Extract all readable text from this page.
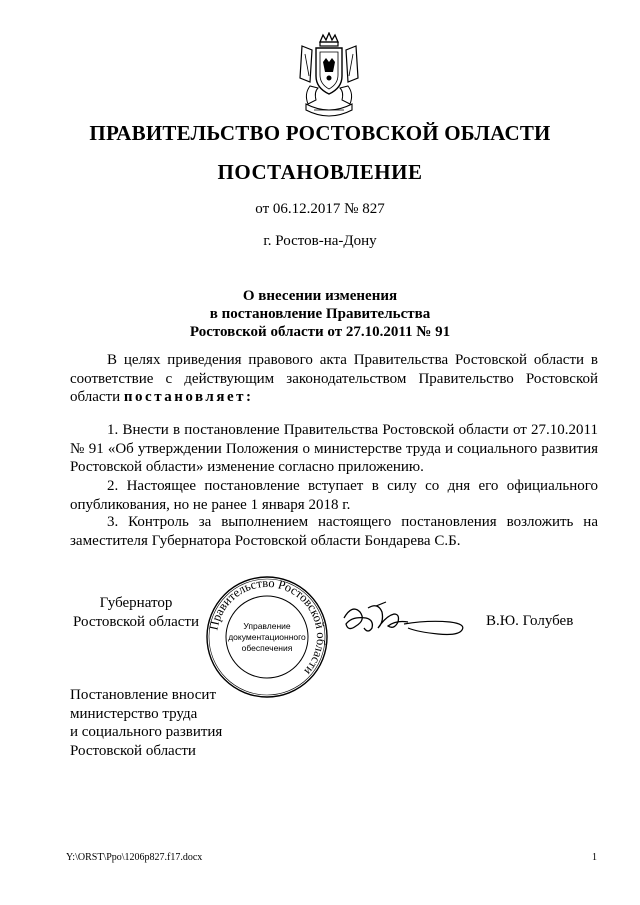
ПРАВИТЕЛЬСТВО РОСТОВСКОЙ ОБЛАСТИ
ПОСТАНОВЛЕНИЕ
от 06.12.2017 № 827
г. Ростов-на-Дону
О внесении изменения
в постановление Правительства
Ростовской области от 27.10.2011 № 91
В целях приведения правового акта Правительства Ростовской области в соответствие с действующим законодательством Правительство Ростовской области постановляет:
1. Внести в постановление Правительства Ростовской области от 27.10.2011 № 91 «Об утверждении Положения о министерстве труда и социального развития Ростовской области» изменение согласно приложению.
2. Настоящее постановление вступает в силу со дня его официального опубликования, но не ранее 1 января 2018 г.
3. Контроль за выполнением настоящего постановления возложить на заместителя Губернатора Ростовской области Бондарева С.Б.
Губернатор
Ростовской области Правительство Ростовской области
Управление
документационного
обеспечения
В.Ю. Голубев
Постановление вносит
министерство труда
и социального развития
Ростовской области
Y:\ORST\Ppo\1206p827.f17.docx	1
